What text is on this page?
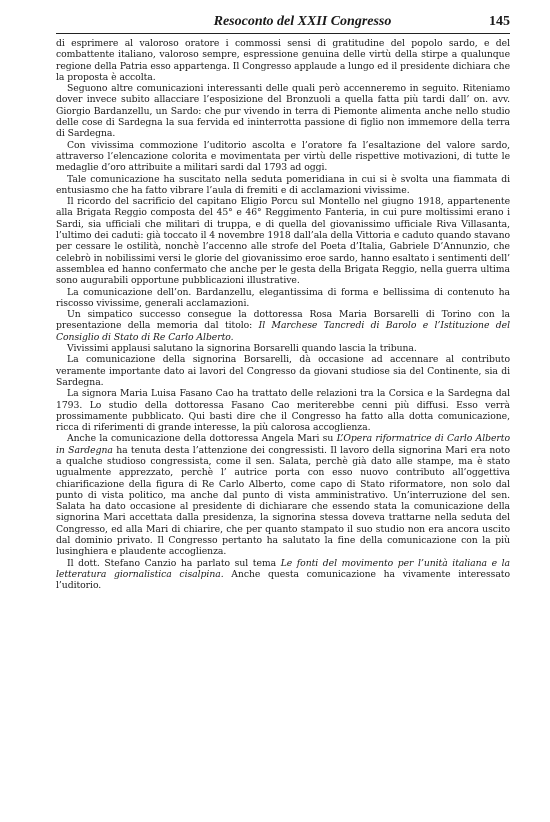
Resoconto del XXII Congresso	145

di esprimere al valoroso oratore i commossi sensi di gratitudine del popolo sardo, e del combattente italiano, valoroso sempre, espressione genuina delle virtù della stirpe a qualunque regione della Patria esso appartenga. Il Congresso applaude a lungo ed il presidente dichiara che la proposta è accolta.

Seguono altre comunicazioni interessanti delle quali però accenneremo in seguito. Riteniamo dover invece subito allacciare l’esposizione del Bronzuoli a quella fatta più tardi dall’ on. avv. Giorgio Bardanzellu, un Sardo: che pur vivendo in terra di Piemonte alimenta anche nello studio delle cose di Sardegna la sua fervida ed ininterrotta passione di figlio non immemore della terra di Sardegna.

Con vivissima commozione l’uditorio ascolta e l’oratore fa l’esaltazione del valore sardo, attraverso l’elencazione colorita e movimentata per virtù delle rispettive motivazioni, di tutte le medaglie d’oro attribuite a militari sardi dal 1793 ad oggi.

Tale comunicazione ha suscitato nella seduta pomeridiana in cui si è svolta una fiammata di entusiasmo che ha fatto vibrare l’aula di fremiti e di acclamazioni vivissime.

Il ricordo del sacrificio del capitano Eligio Porcu sul Montello nel giugno 1918, appartenente alla Brigata Reggio composta del 45° e 46° Reggimento Fanteria, in cui pure moltissimi erano i Sardi, sia ufficiali che militari di truppa, e di quella del giovanissimo ufficiale Riva Villasanta, l’ultimo dei caduti: già toccato il 4 novembre 1918 dall’ala della Vittoria e caduto quando stavano per cessare le ostilità, nonchè l’accenno alle strofe del Poeta d’Italia, Gabriele D’Annunzio, che celebrò in nobilissimi versi le glorie del giovanissimo eroe sardo, hanno esaltato i sentimenti dell’ assemblea ed hanno confermato che anche per le gesta della Brigata Reggio, nella guerra ultima sono augurabili opportune pubblicazioni illustrative.

La comunicazione dell’on. Bardanzellu, elegantissima di forma e bellissima di contenuto ha riscosso vivissime, generali acclamazioni.

Un simpatico successo consegue la dottoressa Rosa Maria Borsarelli di Torino con la presentazione della memoria dal titolo: Il Marchese Tancredi di Barolo e l’Istituzione del Consiglio di Stato di Re Carlo Alberto.

Vivissimi applausi salutano la signorina Borsarelli quando lascia la tribuna.

La comunicazione della signorina Borsarelli, dà occasione ad accennare al contributo veramente importante dato ai lavori del Congresso da giovani studiose sia del Continente, sia di Sardegna.

La signora Maria Luisa Fasano Cao ha trattato delle relazioni tra la Corsica e la Sardegna dal 1793. Lo studio della dottoressa Fasano Cao meriterebbe cenni più diffusi. Esso verrà prossimamente pubblicato. Qui basti dire che il Congresso ha fatto alla dotta comunicazione, ricca di riferimenti di grande interesse, la più calorosa accoglienza.

Anche la comunicazione della dottoressa Angela Mari su L’Opera riformatrice di Carlo Alberto in Sardegna ha tenuta desta l’attenzione dei congressisti. Il lavoro della signorina Mari era noto a qualche studioso congressista, come il sen. Salata, perchè già dato alle stampe, ma è stato ugualmente apprezzato, perchè l’ autrice porta con esso nuovo contributo all’oggettiva chiarificazione della figura di Re Carlo Alberto, come capo di Stato riformatore, non solo dal punto di vista politico, ma anche dal punto di vista amministrativo. Un’interruzione del sen. Salata ha dato occasione al presidente di dichiarare che essendo stata la comunicazione della signorina Mari accettata dalla presidenza, la signorina stessa doveva trattarne nella seduta del Congresso, ed alla Mari di chiarire, che per quanto stampato il suo studio non era ancora uscito dal dominio privato. Il Congresso pertanto ha salutato la fine della comunicazione con la più lusinghiera e plaudente accoglienza.

Il dott. Stefano Canzio ha parlato sul tema Le fonti del movimento per l’unità italiana e la letteratura giornalistica cisalpina. Anche questa comunicazione ha vivamente interessato l’uditorio.
